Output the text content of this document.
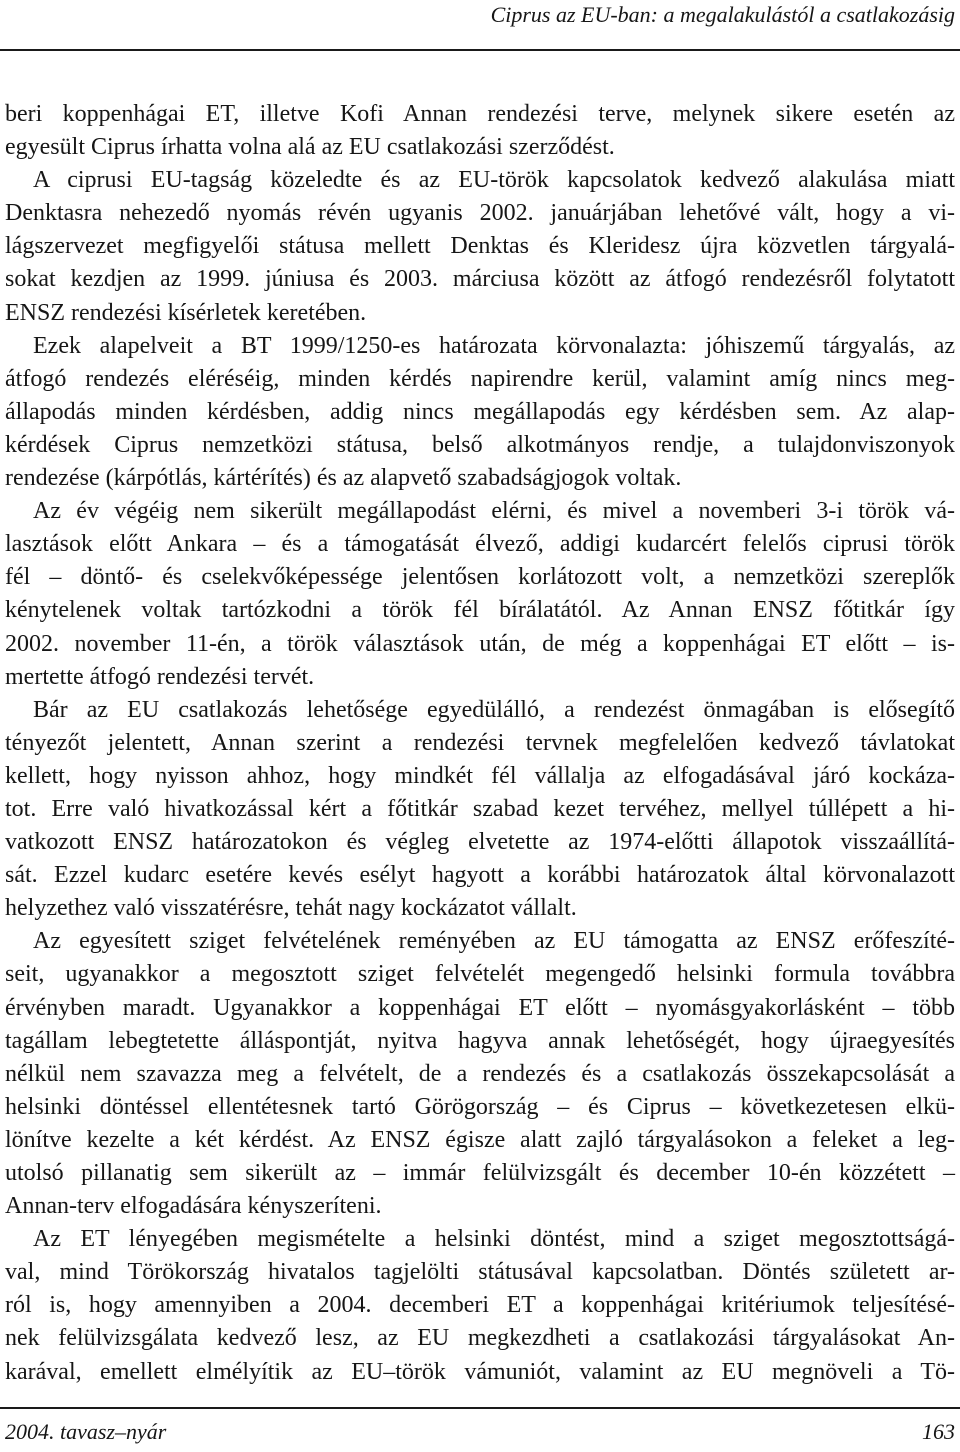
Ciprus az EU-ban: a megalakulástól a csatlakozásig
beri koppenhágai ET, illetve Kofi Annan rendezési terve, melynek sikere esetén az
egyesült Ciprus írhatta volna alá az EU csatlakozási szerződést.
A ciprusi EU-tagság közeledte és az EU-török kapcsolatok kedvező alakulása miatt
Denktasra nehezedő nyomás révén ugyanis 2002. januárjában lehetővé vált, hogy a vi-
lágszervezet megfigyelői státusa mellett Denktas és Kleridesz újra közvetlen tárgyalá-
sokat kezdjen az 1999. júniusa és 2003. márciusa között az átfogó rendezésről folytatott
ENSZ rendezési kísérletek keretében.
Ezek alapelveit a BT 1999/1250-es határozata körvonalazta: jóhiszemű tárgyalás, az
átfogó rendezés eléréséig, minden kérdés napirendre kerül, valamint amíg nincs meg-
állapodás minden kérdésben, addig nincs megállapodás egy kérdésben sem. Az alap-
kérdések Ciprus nemzetközi státusa, belső alkotmányos rendje, a tulajdonviszonyok
rendezése (kárpótlás, kártérítés) és az alapvető szabadságjogok voltak.
Az év végéig nem sikerült megállapodást elérni, és mivel a novemberi 3-i török vá-
lasztások előtt Ankara – és a támogatását élvező, addigi kudarcért felelős ciprusi török
fél – döntő- és cselekvőképessége jelentősen korlátozott volt, a nemzetközi szereplők
kénytelenek voltak tartózkodni a török fél bírálatától. Az Annan ENSZ főtitkár így
2002. november 11-én, a török választások után, de még a koppenhágai ET előtt – is-
mertette átfogó rendezési tervét.
Bár az EU csatlakozás lehetősége egyedülálló, a rendezést önmagában is elősegítő
tényezőt jelentett, Annan szerint a rendezési tervnek megfelelően kedvező távlatokat
kellett, hogy nyisson ahhoz, hogy mindkét fél vállalja az elfogadásával járó kockáza-
tot. Erre való hivatkozással kért a főtitkár szabad kezet tervéhez, mellyel túllépett a hi-
vatkozott ENSZ határozatokon és végleg elvetette az 1974-előtti állapotok visszaállítá-
sát. Ezzel kudarc esetére kevés esélyt hagyott a korábbi határozatok által körvonalazott
helyzethez való visszatérésre, tehát nagy kockázatot vállalt.
Az egyesített sziget felvételének reményében az EU támogatta az ENSZ erőfeszíté-
seit, ugyanakkor a megosztott sziget felvételét megengedő helsinki formula továbbra
érvényben maradt. Ugyanakkor a koppenhágai ET előtt – nyomásgyakorlásként – több
tagállam lebegtetette álláspontját, nyitva hagyva annak lehetőségét, hogy újraegyesítés
nélkül nem szavazza meg a felvételt, de a rendezés és a csatlakozás összekapcsolását a
helsinki döntéssel ellentétesnek tartó Görögország – és Ciprus – következetesen elkü-
lönítve kezelte a két kérdést. Az ENSZ égisze alatt zajló tárgyalásokon a feleket a leg-
utolsó pillanatig sem sikerült az – immár felülvizsgált és december 10-én közzétett –
Annan-terv elfogadására kényszeríteni.
Az ET lényegében megismételte a helsinki döntést, mind a sziget megosztottságá-
val, mind Törökország hivatalos tagjelölti státusával kapcsolatban. Döntés született ar-
ról is, hogy amennyiben a 2004. decemberi ET a koppenhágai kritériumok teljesítésé-
nek felülvizsgálata kedvező lesz, az EU megkezdheti a csatlakozási tárgyalásokat An-
karával, emellett elmélyítik az EU–török vámuniót, valamint az EU megnöveli a Tö-
2004. tavasz–nyár	163
